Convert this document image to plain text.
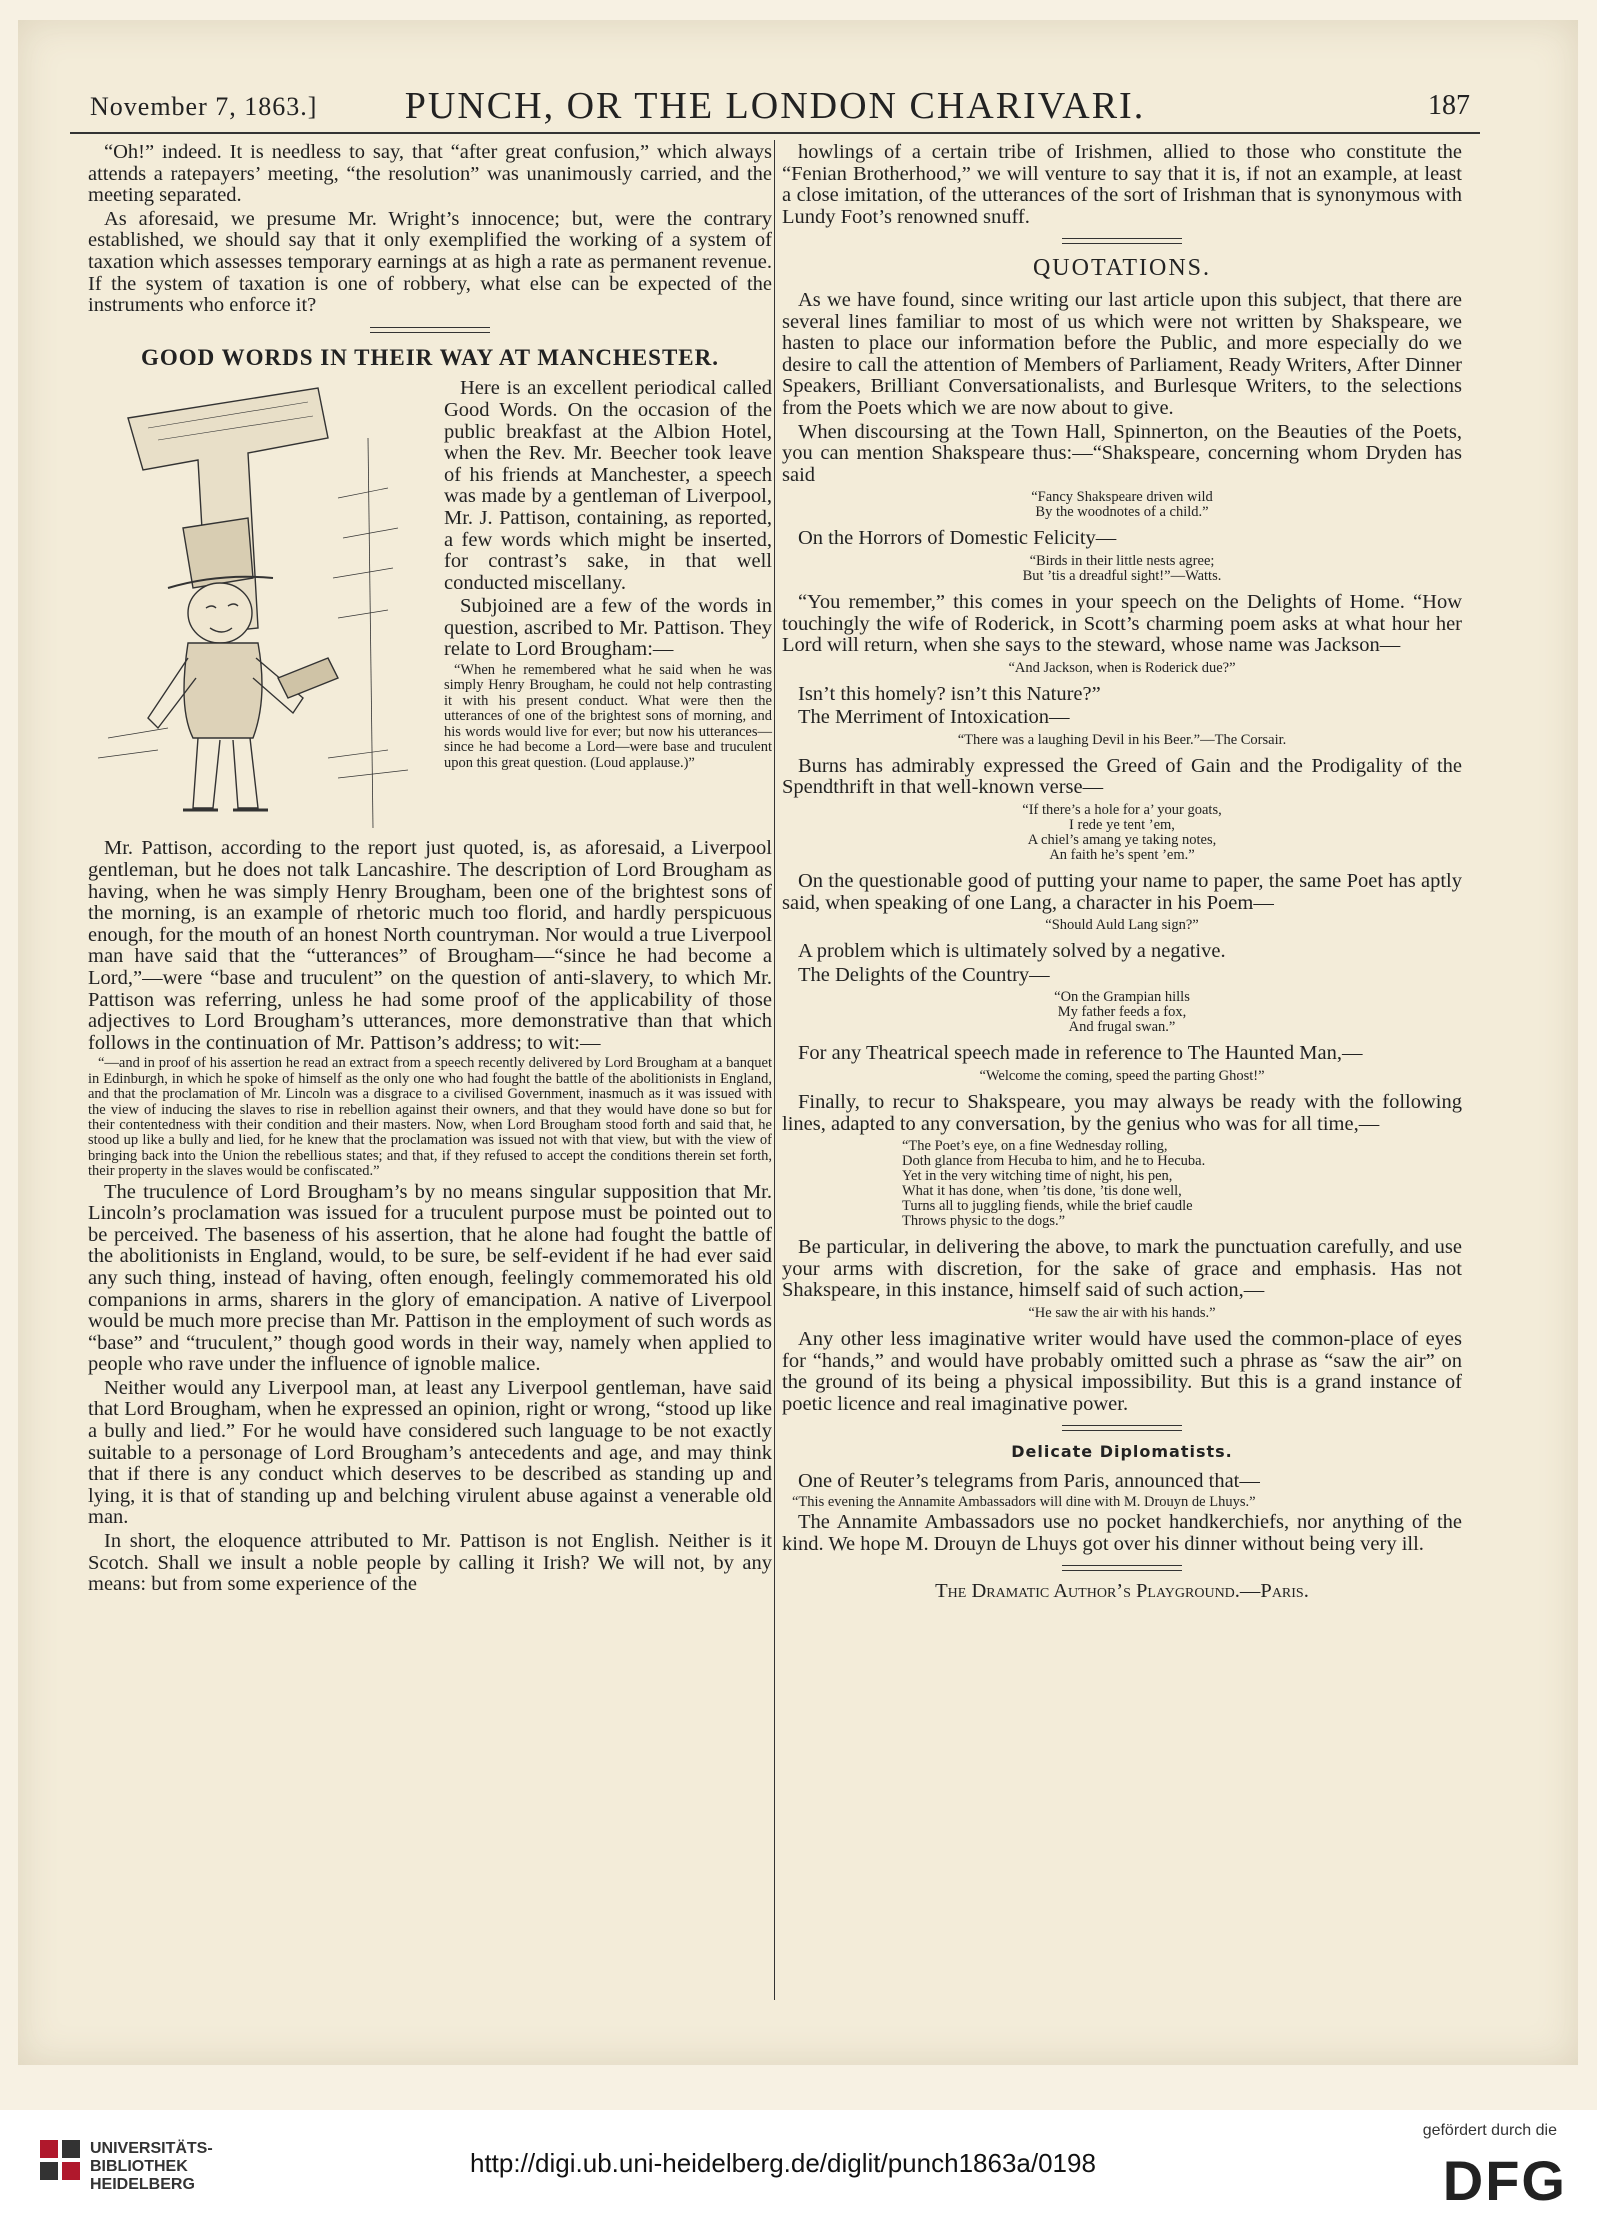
November 7, 1863.]	PUNCH, OR THE LONDON CHARIVARI.	187

“Oh!” indeed. It is needless to say, that “after great confusion,” which always attends a ratepayers’ meeting, “the resolution” was unanimously carried, and the meeting separated.

As aforesaid, we presume Mr. Wright’s innocence; but, were the contrary established, we should say that it only exemplified the working of a system of taxation which assesses temporary earnings at as high a rate as permanent revenue. If the system of taxation is one of robbery, what else can be expected of the instruments who enforce it?

GOOD WORDS IN THEIR WAY AT MANCHESTER.

Here is an excellent periodical called Good Words. On the occasion of the public breakfast at the Albion Hotel, when the Rev. Mr. Beecher took leave of his friends at Manchester, a speech was made by a gentleman of Liverpool, Mr. J. Pattison, containing, as reported, a few words which might be inserted, for contrast’s sake, in that well conducted miscellany.

Subjoined are a few of the words in question, ascribed to Mr. Pattison. They relate to Lord Brougham:—

“When he remembered what he said when he was simply Henry Brougham, he could not help contrasting it with his present conduct. What were then the utterances of one of the brightest sons of morning, and his words would live for ever; but now his utterances—since he had become a Lord—were base and truculent upon this great question. (Loud applause.)”

Mr. Pattison, according to the report just quoted, is, as aforesaid, a Liverpool gentleman, but he does not talk Lancashire. The description of Lord Brougham as having, when he was simply Henry Brougham, been one of the brightest sons of the morning, is an example of rhetoric much too florid, and hardly perspicuous enough, for the mouth of an honest North countryman. Nor would a true Liverpool man have said that the “utterances” of Brougham—“since he had become a Lord,”—were “base and truculent” on the question of anti-slavery, to which Mr. Pattison was referring, unless he had some proof of the applicability of those adjectives to Lord Brougham’s utterances, more demonstrative than that which follows in the continuation of Mr. Pattison’s address; to wit:—

“—and in proof of his assertion he read an extract from a speech recently delivered by Lord Brougham at a banquet in Edinburgh, in which he spoke of himself as the only one who had fought the battle of the abolitionists in England, and that the proclamation of Mr. Lincoln was a disgrace to a civilised Government, inasmuch as it was issued with the view of inducing the slaves to rise in rebellion against their owners, and that they would have done so but for their contentedness with their condition and their masters. Now, when Lord Brougham stood forth and said that, he stood up like a bully and lied, for he knew that the proclamation was issued not with that view, but with the view of bringing back into the Union the rebellious states; and that, if they refused to accept the conditions therein set forth, their property in the slaves would be confiscated.”

The truculence of Lord Brougham’s by no means singular supposition that Mr. Lincoln’s proclamation was issued for a truculent purpose must be pointed out to be perceived. The baseness of his assertion, that he alone had fought the battle of the abolitionists in England, would, to be sure, be self-evident if he had ever said any such thing, instead of having, often enough, feelingly commemorated his old companions in arms, sharers in the glory of emancipation. A native of Liverpool would be much more precise than Mr. Pattison in the employment of such words as “base” and “truculent,” though good words in their way, namely when applied to people who rave under the influence of ignoble malice.

Neither would any Liverpool man, at least any Liverpool gentleman, have said that Lord Brougham, when he expressed an opinion, right or wrong, “stood up like a bully and lied.” For he would have considered such language to be not exactly suitable to a personage of Lord Brougham’s antecedents and age, and may think that if there is any conduct which deserves to be described as standing up and lying, it is that of standing up and belching virulent abuse against a venerable old man.

In short, the eloquence attributed to Mr. Pattison is not English. Neither is it Scotch. Shall we insult a noble people by calling it Irish? We will not, by any means: but from some experience of the

howlings of a certain tribe of Irishmen, allied to those who constitute the “Fenian Brotherhood,” we will venture to say that it is, if not an example, at least a close imitation, of the utterances of the sort of Irishman that is synonymous with Lundy Foot’s renowned snuff.

QUOTATIONS.

As we have found, since writing our last article upon this subject, that there are several lines familiar to most of us which were not written by Shakspeare, we hasten to place our information before the Public, and more especially do we desire to call the attention of Members of Parliament, Ready Writers, After Dinner Speakers, Brilliant Conversationalists, and Burlesque Writers, to the selections from the Poets which we are now about to give.

When discoursing at the Town Hall, Spinnerton, on the Beauties of the Poets, you can mention Shakspeare thus:—“Shakspeare, concerning whom Dryden has said

“Fancy Shakspeare driven wild
By the woodnotes of a child.”

On the Horrors of Domestic Felicity—

“Birds in their little nests agree;
But ’tis a dreadful sight!”—Watts.

“You remember,” this comes in your speech on the Delights of Home. “How touchingly the wife of Roderick, in Scott’s charming poem asks at what hour her Lord will return, when she says to the steward, whose name was Jackson—

“And Jackson, when is Roderick due?”

Isn’t this homely? isn’t this Nature?”

The Merriment of Intoxication—

“There was a laughing Devil in his Beer.”—The Corsair.

Burns has admirably expressed the Greed of Gain and the Prodigality of the Spendthrift in that well-known verse—

“If there’s a hole for a’ your goats,
I rede ye tent ’em,
A chiel’s amang ye taking notes,
An faith he’s spent ’em.”

On the questionable good of putting your name to paper, the same Poet has aptly said, when speaking of one Lang, a character in his Poem—

“Should Auld Lang sign?”

A problem which is ultimately solved by a negative.

The Delights of the Country—

“On the Grampian hills
My father feeds a fox,
And frugal swan.”

For any Theatrical speech made in reference to The Haunted Man,—

“Welcome the coming, speed the parting Ghost!”

Finally, to recur to Shakspeare, you may always be ready with the following lines, adapted to any conversation, by the genius who was for all time,—

“The Poet’s eye, on a fine Wednesday rolling,
Doth glance from Hecuba to him, and he to Hecuba.
Yet in the very witching time of night, his pen,
What it has done, when ’tis done, ’tis done well,
Turns all to juggling fiends, while the brief caudle
Throws physic to the dogs.”

Be particular, in delivering the above, to mark the punctuation carefully, and use your arms with discretion, for the sake of grace and emphasis. Has not Shakspeare, in this instance, himself said of such action,—

“He saw the air with his hands.”

Any other less imaginative writer would have used the common-place of eyes for “hands,” and would have probably omitted such a phrase as “saw the air” on the ground of its being a physical impossibility. But this is a grand instance of poetic licence and real imaginative power.

Delicate Diplomatists.

One of Reuter’s telegrams from Paris, announced that—

“This evening the Annamite Ambassadors will dine with M. Drouyn de Lhuys.”

The Annamite Ambassadors use no pocket handkerchiefs, nor anything of the kind. We hope M. Drouyn de Lhuys got over his dinner without being very ill.

The Dramatic Author’s Playground.—Paris.

UNIVERSITÄTS-
BIBLIOTHEK
HEIDELBERG
http://digi.ub.uni-heidelberg.de/diglit/punch1863a/0198
gefördert durch die
DFG
